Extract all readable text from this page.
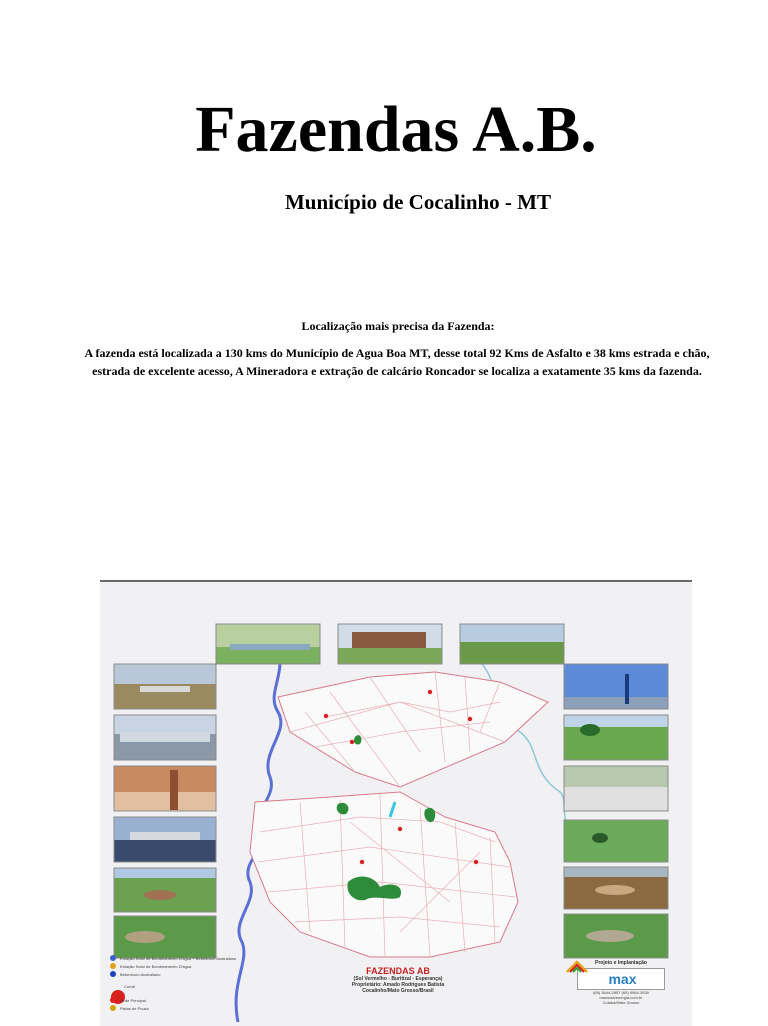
Fazendas A.B.
Município de Cocalinho - MT
Localização mais precisa da Fazenda:
A fazenda está localizada a 130 kms do Município de Agua Boa MT, desse total 92 Kms de Asfalto e 38 kms estrada e chão, estrada de excelente acesso, A Mineradora e extração de calcário Roncador se localiza a exatamente 35 kms da fazenda.
Estação Solar de Bombeamento D'água + Bebedouro Australiano
Estação Solar de Bombeamento D'água
Bebedouro Australiano
Curral
Sede Principal
Pistas de Pouso
FAZENDAS AB
(Sol Vermelho - Buritizal - Esperança)
Proprietário: Amado Rodrigues Batista
Cocalinho/Mato Grosso/Brasil
Projeto e Implantação
max
(65) 3644-2857 (65) 9984-3539
maxsolarenergia.com.br
Cuiabá/Mato Grosso
